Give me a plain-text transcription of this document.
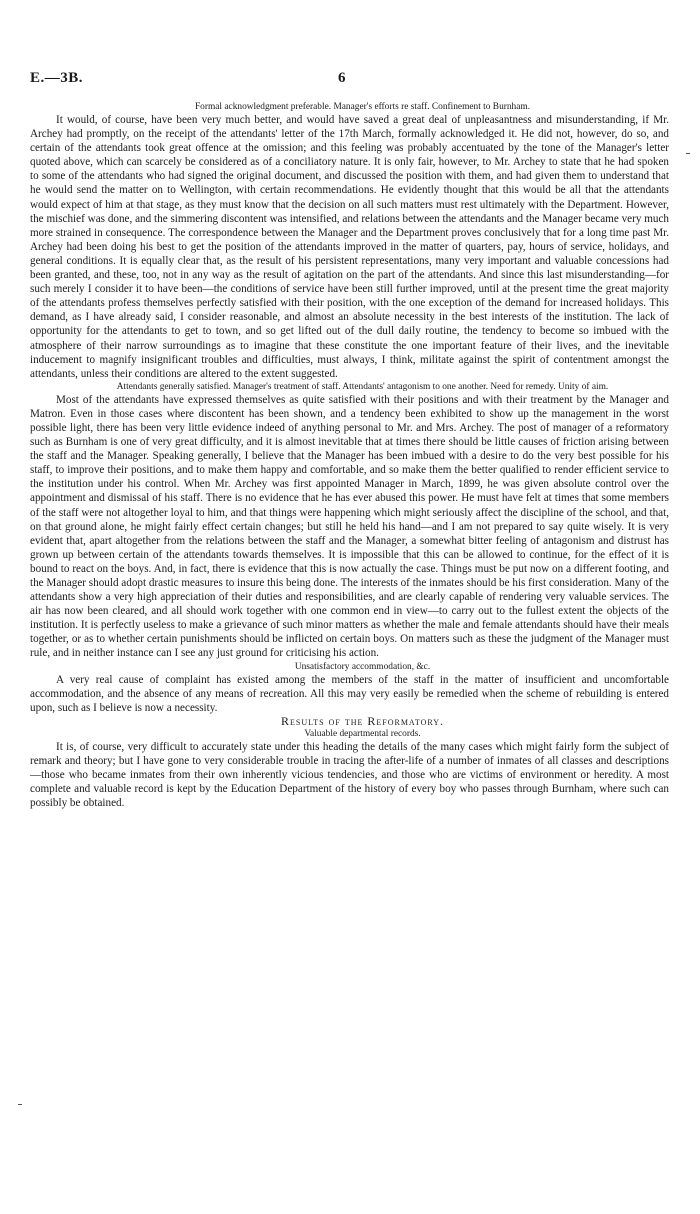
E.—3B.	6

Formal acknowledgment preferable. Manager's efforts re staff. Confinement to Burnham.

It would, of course, have been very much better, and would have saved a great deal of unpleasantness and misunderstanding, if Mr. Archey had promptly, on the receipt of the attendants' letter of the 17th March, formally acknowledged it. He did not, however, do so, and certain of the attendants took great offence at the omission; and this feeling was probably accentuated by the tone of the Manager's letter quoted above, which can scarcely be considered as of a conciliatory nature. It is only fair, however, to Mr. Archey to state that he had spoken to some of the attendants who had signed the original document, and discussed the position with them, and had given them to understand that he would send the matter on to Wellington, with certain recommendations. He evidently thought that this would be all that the attendants would expect of him at that stage, as they must know that the decision on all such matters must rest ultimately with the Department. However, the mischief was done, and the simmering discontent was intensified, and relations between the attendants and the Manager became very much more strained in consequence. The correspondence between the Manager and the Department proves conclusively that for a long time past Mr. Archey had been doing his best to get the position of the attendants improved in the matter of quarters, pay, hours of service, holidays, and general conditions. It is equally clear that, as the result of his persistent representations, many very important and valuable concessions had been granted, and these, too, not in any way as the result of agitation on the part of the attendants. And since this last misunderstanding—for such merely I consider it to have been—the conditions of service have been still further improved, until at the present time the great majority of the attendants profess themselves perfectly satisfied with their position, with the one exception of the demand for increased holidays. This demand, as I have already said, I consider reasonable, and almost an absolute necessity in the best interests of the institution. The lack of opportunity for the attendants to get to town, and so get lifted out of the dull daily routine, the tendency to become so imbued with the atmosphere of their narrow surroundings as to imagine that these constitute the one important feature of their lives, and the inevitable inducement to magnify insignificant troubles and difficulties, must always, I think, militate against the spirit of contentment amongst the attendants, unless their conditions are altered to the extent suggested.

Attendants generally satisfied. Manager's treatment of staff. Attendants' antagonism to one another. Need for remedy. Unity of aim.

Most of the attendants have expressed themselves as quite satisfied with their positions and with their treatment by the Manager and Matron. Even in those cases where discontent has been shown, and a tendency been exhibited to show up the management in the worst possible light, there has been very little evidence indeed of anything personal to Mr. and Mrs. Archey. The post of manager of a reformatory such as Burnham is one of very great difficulty, and it is almost inevitable that at times there should be little causes of friction arising between the staff and the Manager. Speaking generally, I believe that the Manager has been imbued with a desire to do the very best possible for his staff, to improve their positions, and to make them happy and comfortable, and so make them the better qualified to render efficient service to the institution under his control. When Mr. Archey was first appointed Manager in March, 1899, he was given absolute control over the appointment and dismissal of his staff. There is no evidence that he has ever abused this power. He must have felt at times that some members of the staff were not altogether loyal to him, and that things were happening which might seriously affect the discipline of the school, and that, on that ground alone, he might fairly effect certain changes; but still he held his hand—and I am not prepared to say quite wisely. It is very evident that, apart altogether from the relations between the staff and the Manager, a somewhat bitter feeling of antagonism and distrust has grown up between certain of the attendants towards themselves. It is impossible that this can be allowed to continue, for the effect of it is bound to react on the boys. And, in fact, there is evidence that this is now actually the case. Things must be put now on a different footing, and the Manager should adopt drastic measures to insure this being done. The interests of the inmates should be his first consideration. Many of the attendants show a very high appreciation of their duties and responsibilities, and are clearly capable of rendering very valuable services. The air has now been cleared, and all should work together with one common end in view—to carry out to the fullest extent the objects of the institution. It is perfectly useless to make a grievance of such minor matters as whether the male and female attendants should have their meals together, or as to whether certain punishments should be inflicted on certain boys. On matters such as these the judgment of the Manager must rule, and in neither instance can I see any just ground for criticising his action.

Unsatisfactory accommodation, &c.

A very real cause of complaint has existed among the members of the staff in the matter of insufficient and uncomfortable accommodation, and the absence of any means of recreation. All this may very easily be remedied when the scheme of rebuilding is entered upon, such as I believe is now a necessity.

Results of the Reformatory.

Valuable departmental records.

It is, of course, very difficult to accurately state under this heading the details of the many cases which might fairly form the subject of remark and theory; but I have gone to very considerable trouble in tracing the after-life of a number of inmates of all classes and descriptions—those who became inmates from their own inherently vicious tendencies, and those who are victims of environment or heredity. A most complete and valuable record is kept by the Education Department of the history of every boy who passes through Burnham, where such can possibly be obtained.
